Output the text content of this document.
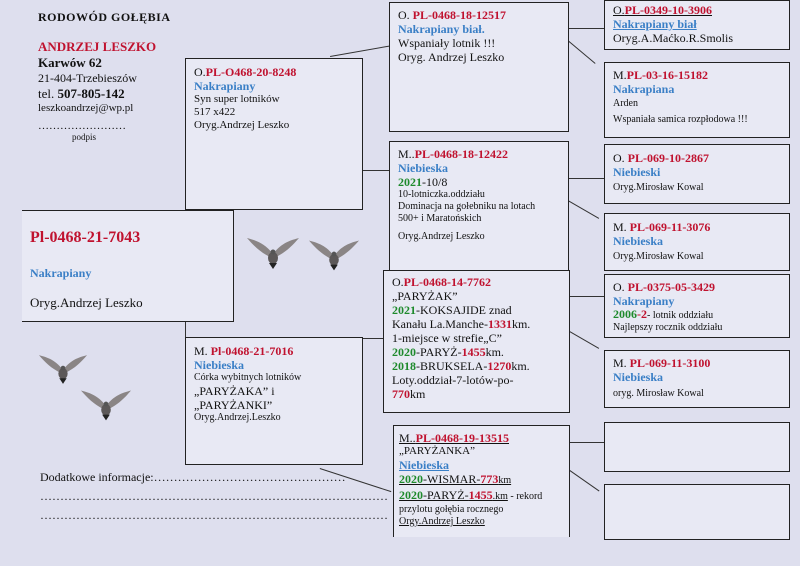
RODOWÓD GOŁĘBIA
ANDRZEJ LESZKO
Karwów 62
21-404-Trzebieszów
tel. 507-805-142
leszkoandrzej@wp.pl
……………………
podpis
Pl-0468-21-7043
Nakrapiany
Oryg.Andrzej Leszko
O.PL-O468-20-8248
Nakrapiany
Syn super lotników
517 x422
Oryg.Andrzej Leszko
M. Pl-0468-21-7016
Niebieska
Córka wybitnych lotników
„PARYŻAKA” i
„PARYŻANKI”
Oryg.Andrzej.Leszko
O. PL-0468-18-12517
Nakrapiany biał.
Wspaniały lotnik !!!
Oryg. Andrzej Leszko
M..PL-0468-18-12422
Niebieska
2021-10/8
10-lotniczka.oddziału
Dominacja na gołebniku na lotach
500+ i Maratońskich
Oryg.Andrzej Leszko
O.PL-0468-14-7762
„PARYŻAK”
2021-KOKSAJIDE znad
Kanału La.Manche-1331km.
1-miejsce w strefie„C”
2020-PARYŻ-1455km.
2018-BRUKSELA-1270km.
Loty.oddział-7-lotów-po-
770km
M..PL-0468-19-13515
„PARYŻANKA”
Niebieska
2020-WISMAR-773km
2020-PARYŻ-1455.km - rekord
przylotu gołębia rocznego
Orgy.Andrzej Leszko
O.PL-0349-10-3906
Nakrapiany biał
Oryg.A.Maćko.R.Smolis
M.PL-03-16-15182
Nakrapiana
Arden
Wspaniała samica rozpłodowa !!!
O. PL-069-10-2867
Niebieski
Oryg.Mirosław Kowal
M. PL-069-11-3076
Niebieska
Oryg.Mirosław Kowal
O. PL-0375-05-3429
Nakrapiany
2006-2- lotnik oddziału
Najlepszy rocznik oddziału
M. PL-069-11-3100
Niebieska
oryg. Mirosław Kowal
Dodatkowe informacje:…………………………………………
……………………………………………………………………………
……………………………………………………………………………
